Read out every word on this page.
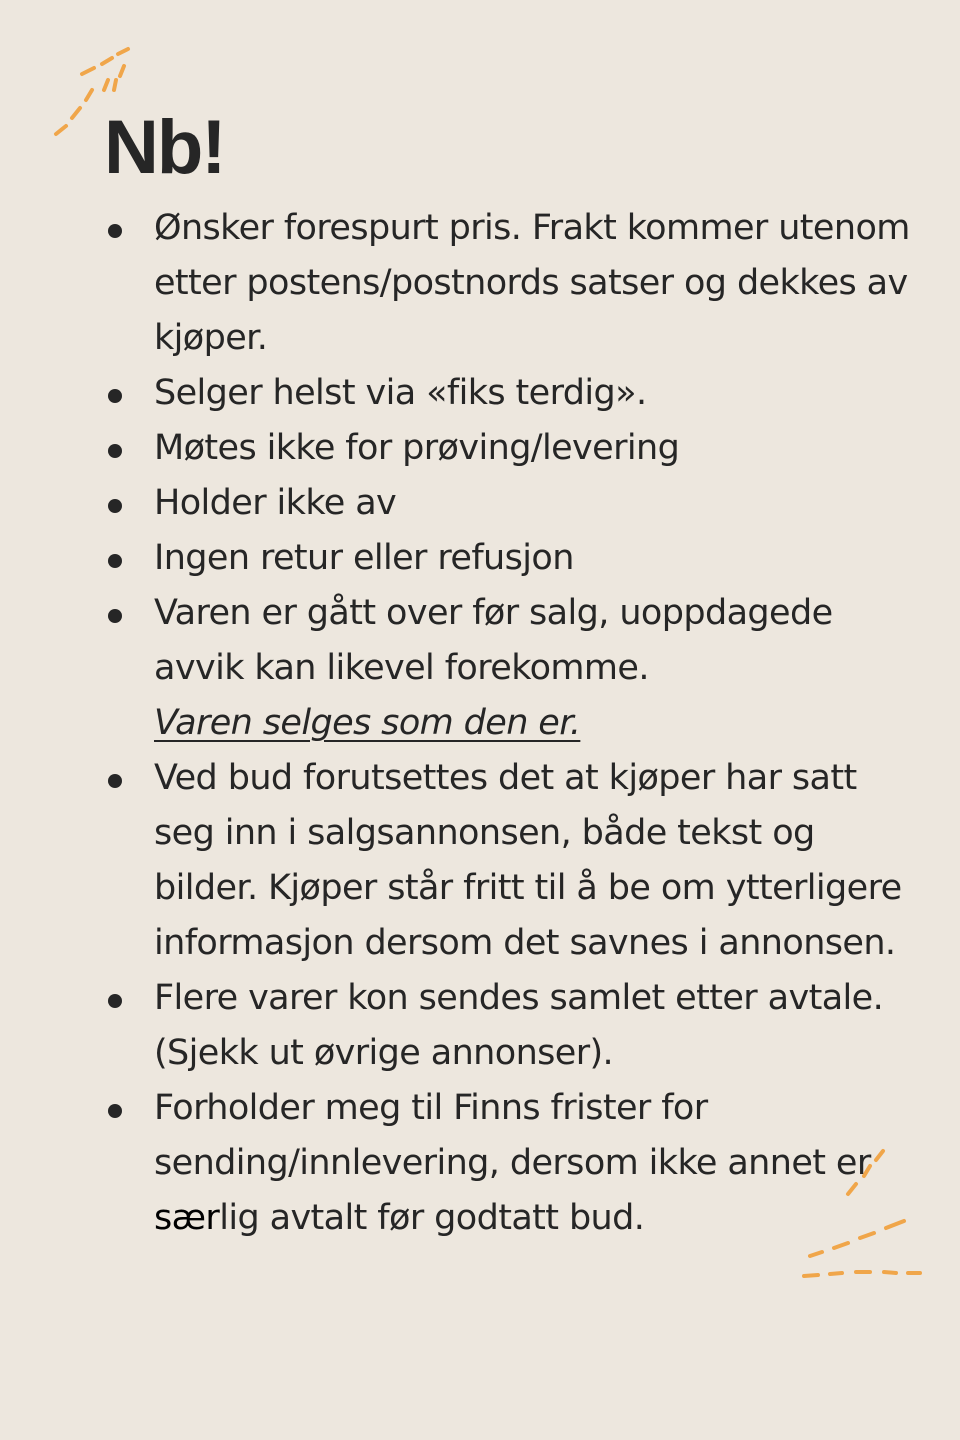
Nb!
Ønsker forespurt pris. Frakt kommer utenom etter postens/postnords satser og dekkes av kjøper.
Selger helst via «fiks terdig».
Møtes ikke for prøving/levering
Holder ikke av
Ingen retur eller refusjon
Varen er gått over før salg, uoppdagede avvik kan likevel forekomme.
Varen selges som den er.
Ved bud forutsettes det at kjøper har satt seg inn i salgsannonsen, både tekst og bilder. Kjøper står fritt til å be om ytterligere informasjon dersom det savnes i annonsen.
Flere varer kon sendes samlet etter avtale. (Sjekk ut øvrige annonser).
Forholder meg til Finns frister for sending/innlevering, dersom ikke annet er særlig avtalt før godtatt bud.
